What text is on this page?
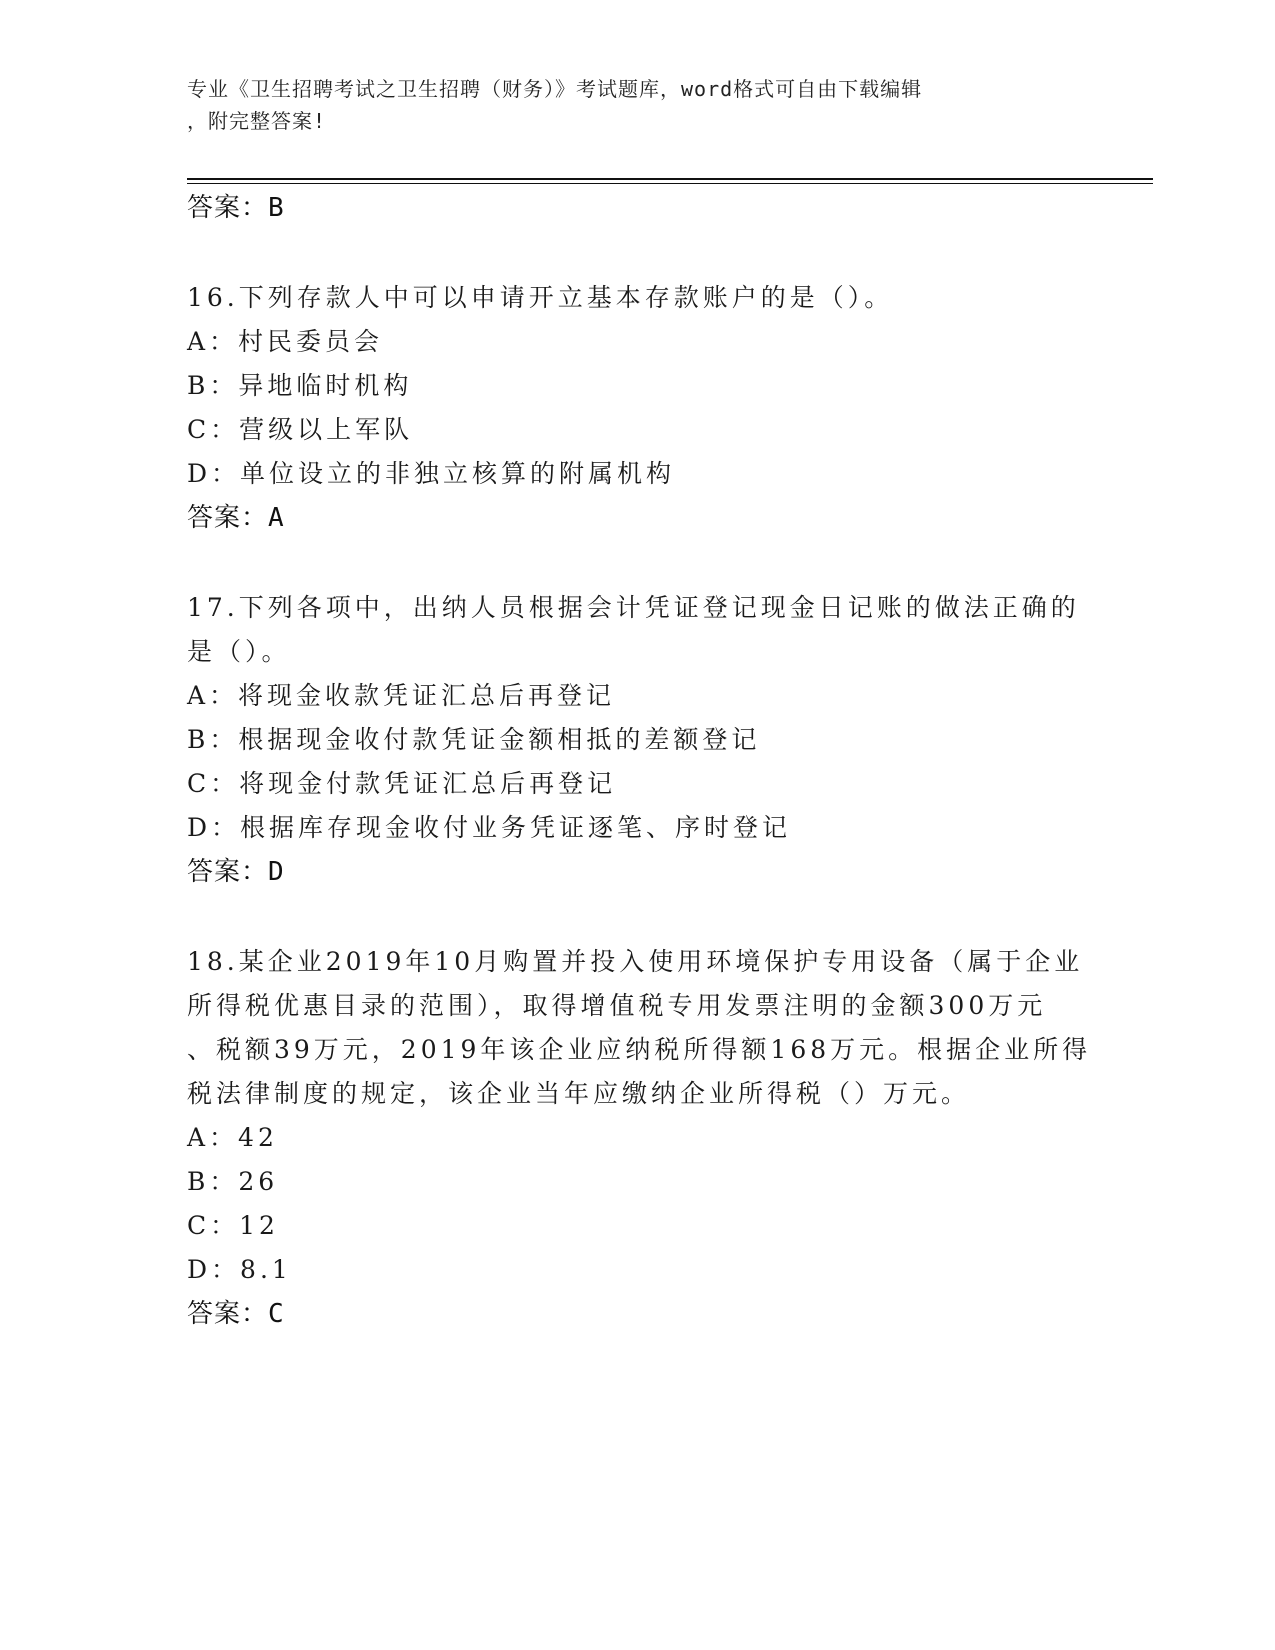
专业《卫生招聘考试之卫生招聘（财务）》考试题库，word格式可自由下载编辑
，附完整答案!
答案：B
16.下列存款人中可以申请开立基本存款账户的是（）。
A：村民委员会
B：异地临时机构
C：营级以上军队
D：单位设立的非独立核算的附属机构
答案：A
17.下列各项中，出纳人员根据会计凭证登记现金日记账的做法正确的
是（）。
A：将现金收款凭证汇总后再登记
B：根据现金收付款凭证金额相抵的差额登记
C：将现金付款凭证汇总后再登记
D：根据库存现金收付业务凭证逐笔、序时登记
答案：D
18.某企业2019年10月购置并投入使用环境保护专用设备（属于企业
所得税优惠目录的范围），取得增值税专用发票注明的金额300万元
、税额39万元，2019年该企业应纳税所得额168万元。根据企业所得
税法律制度的规定，该企业当年应缴纳企业所得税（）万元。
A：42
B：26
C：12
D：8.1
答案：C
